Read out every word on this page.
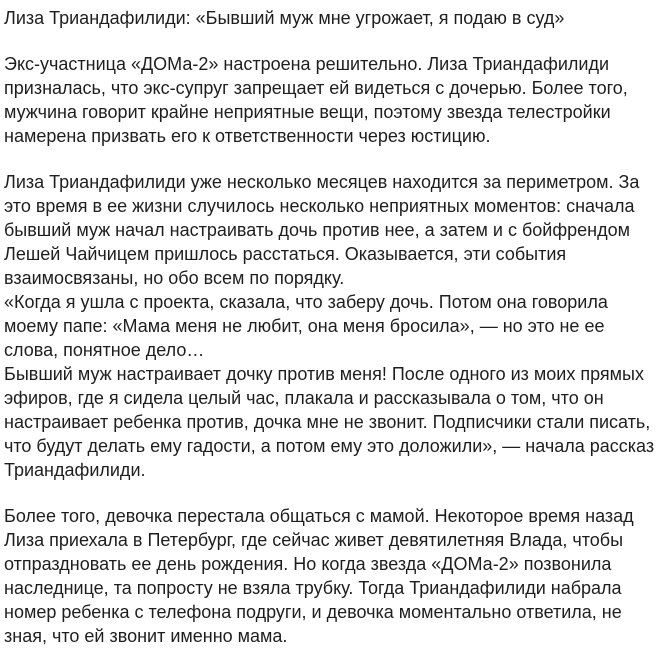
Лиза Триандафилиди: «Бывший муж мне угрожает, я подаю в суд»

Экс-участница «ДОМа-2» настроена решительно. Лиза Триандафилиди призналась, что экс-супруг запрещает ей видеться с дочерью. Более того, мужчина говорит крайне неприятные вещи, поэтому звезда телестройки намерена призвать его к ответственности через юстицию.

Лиза Триандафилиди уже несколько месяцев находится за периметром. За это время в ее жизни случилось несколько неприятных моментов: сначала бывший муж начал настраивать дочь против нее, а затем и с бойфрендом Лешей Чайчицем пришлось расстаться. Оказывается, эти события взаимосвязаны, но обо всем по порядку.

«Когда я ушла с проекта, сказала, что заберу дочь. Потом она говорила моему папе: «Мама меня не любит, она меня бросила», — но это не ее слова, понятное дело…

Бывший муж настраивает дочку против меня! После одного из моих прямых эфиров, где я сидела целый час, плакала и рассказывала о том, что он настраивает ребенка против, дочка мне не звонит. Подписчики стали писать, что будут делать ему гадости, а потом ему это доложили», — начала рассказ Триандафилиди.

Более того, девочка перестала общаться с мамой. Некоторое время назад Лиза приехала в Петербург, где сейчас живет девятилетняя Влада, чтобы отпраздновать ее день рождения. Но когда звезда «ДОМа-2» позвонила наследнице, та попросту не взяла трубку. Тогда Триандафилиди набрала номер ребенка с телефона подруги, и девочка моментально ответила, не зная, что ей звонит именно мама.
